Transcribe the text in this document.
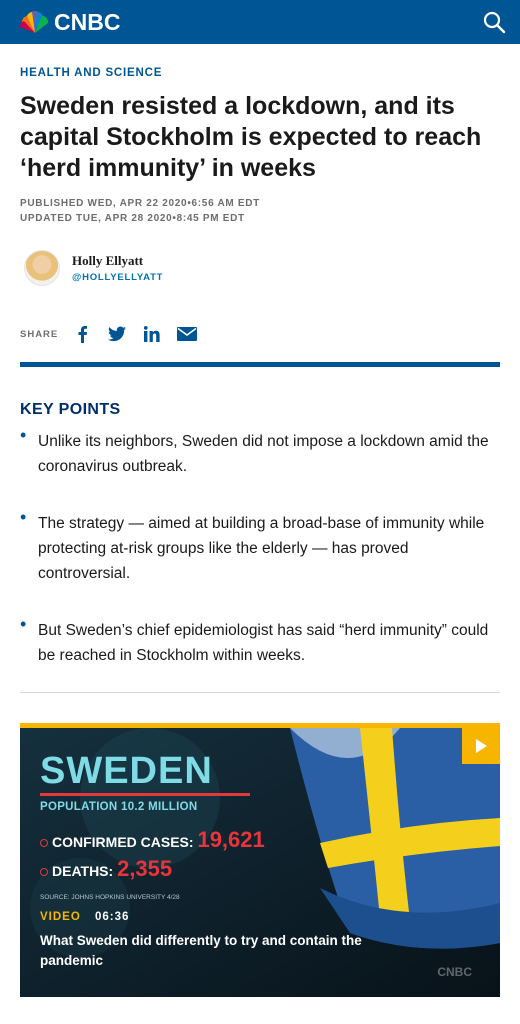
CNBC
HEALTH AND SCIENCE
Sweden resisted a lockdown, and its capital Stockholm is expected to reach ‘herd immunity’ in weeks
PUBLISHED WED, APR 22 2020•6:56 AM EDT
UPDATED TUE, APR 28 2020•8:45 PM EDT
Holly Ellyatt
@HOLLYELLYATT
SHARE
KEY POINTS
• Unlike its neighbors, Sweden did not impose a lockdown amid the coronavirus outbreak.
• The strategy — aimed at building a broad-base of immunity while protecting at-risk groups like the elderly — has proved controversial.
• But Sweden’s chief epidemiologist has said “herd immunity” could be reached in Stockholm within weeks.
SWEDEN
POPULATION 10.2 MILLION
CONFIRMED CASES: 19,621
DEATHS: 2,355
SOURCE: JOHNS HOPKINS UNIVERSITY 4/28
VIDEO 06:36
What Sweden did differently to try and contain the pandemic
CNBC
